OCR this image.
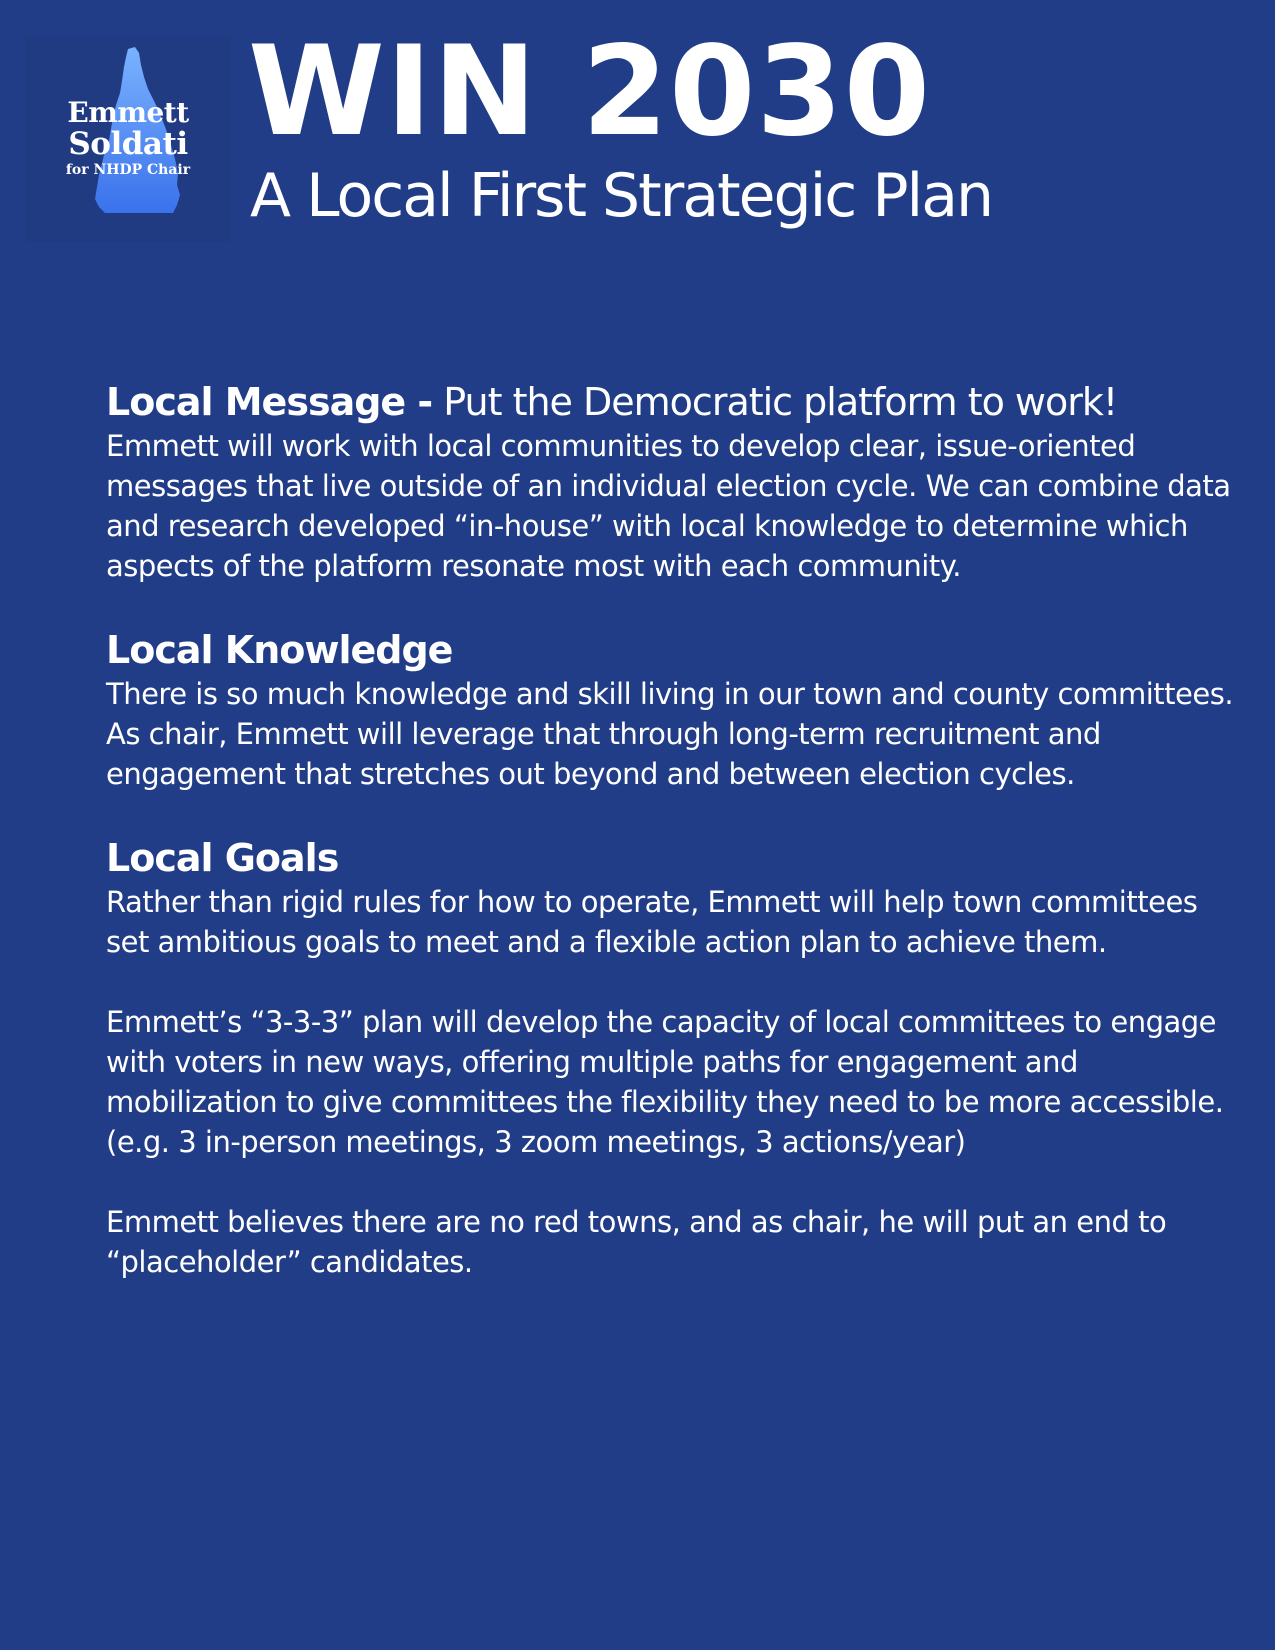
Emmett
Soldati
for NHDP Chair
WIN 2030
A Local First Strategic Plan
Local Message - Put the Democratic platform to work!

Emmett will work with local communities to develop clear, issue-oriented messages that live outside of an individual election cycle. We can combine data and research developed “in-house” with local knowledge to determine which aspects of the platform resonate most with each community.

Local Knowledge

There is so much knowledge and skill living in our town and county committees. As chair, Emmett will leverage that through long-term recruitment and engagement that stretches out beyond and between election cycles.

Local Goals

Rather than rigid rules for how to operate, Emmett will help town committees set ambitious goals to meet and a flexible action plan to achieve them.

Emmett’s “3-3-3” plan will develop the capacity of local committees to engage with voters in new ways, offering multiple paths for engagement and mobilization to give committees the flexibility they need to be more accessible. (e.g. 3 in-person meetings, 3 zoom meetings, 3 actions/year)

Emmett believes there are no red towns, and as chair, he will put an end to “placeholder” candidates.
